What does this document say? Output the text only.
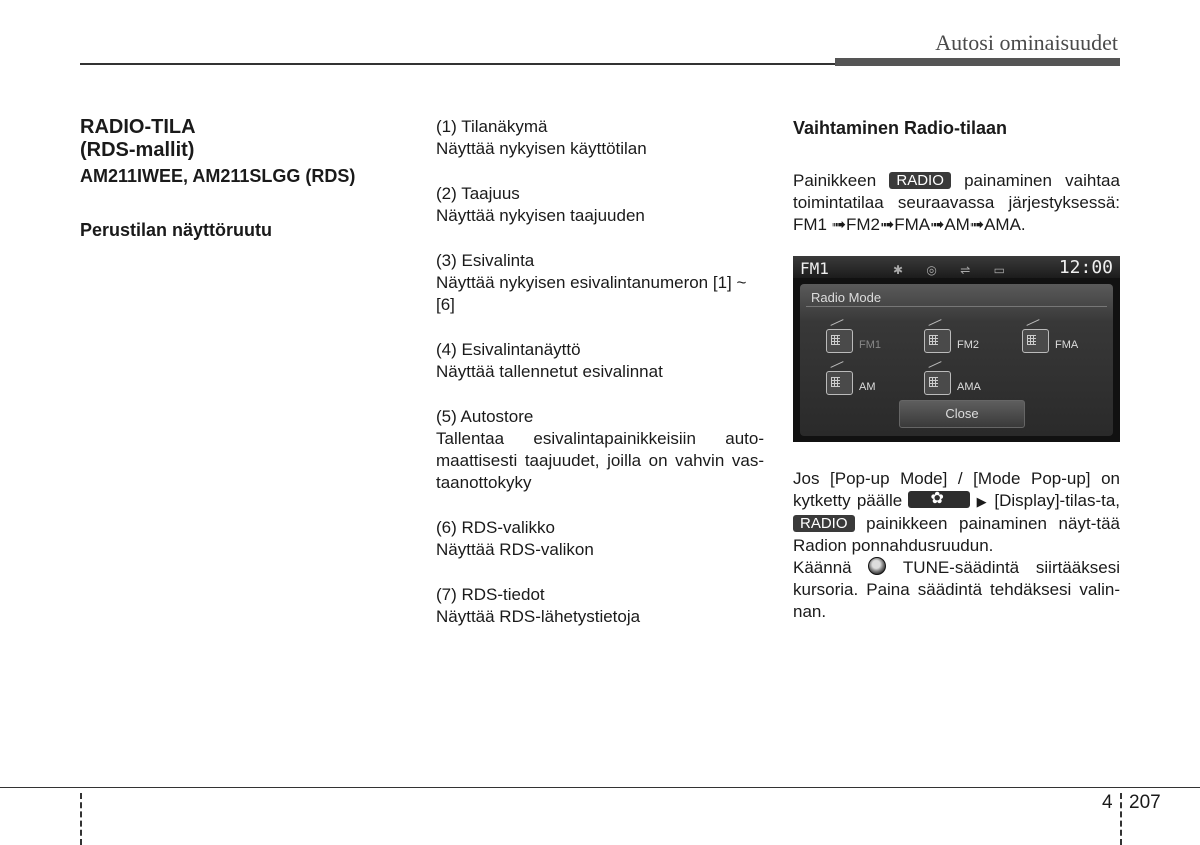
Autosi ominaisuudet
RADIO-TILA
(RDS-mallit)
AM211IWEE, AM211SLGG (RDS)
Perustilan näyttöruutu

(1) Tilanäkymä

Näyttää nykyisen käyttötilan

(2) Taajuus

Näyttää nykyisen taajuuden

(3) Esivalinta

Näyttää nykyisen esivalintanumeron [1] ~ [6]

(4) Esivalintanäyttö

Näyttää tallennetut esivalinnat

(5) Autostore

Tallentaa esivalintapainikkeisiin auto-maattisesti taajuudet, joilla on vahvin vas-taanottokyky

(6) RDS-valikko

Näyttää RDS-valikon

(7) RDS-tiedot

Näyttää RDS-lähetystietoja

Vaihtaminen Radio-tilaan

Painikkeen RADIO painaminen vaihtaa toimintatilaa seuraavassa järjestyksessä: FM1 ➟FM2➟FMA➟AM➟AMA.

FM1	✱ ◎ ⇌ ▭ 12:00
Radio Mode
FM1	FM2	FMA
AM	AMA
Close

Jos [Pop-up Mode] / [Mode Pop-up] on kytketty päälle ✿	▶ [Display]-tilas-ta, RADIO painikkeen painaminen näyt-tää Radion ponnahdusruudun.

Käännä	TUNE-säädintä siirtääksesi kursoria. Paina säädintä tehdäksesi valin-nan.

4 207
